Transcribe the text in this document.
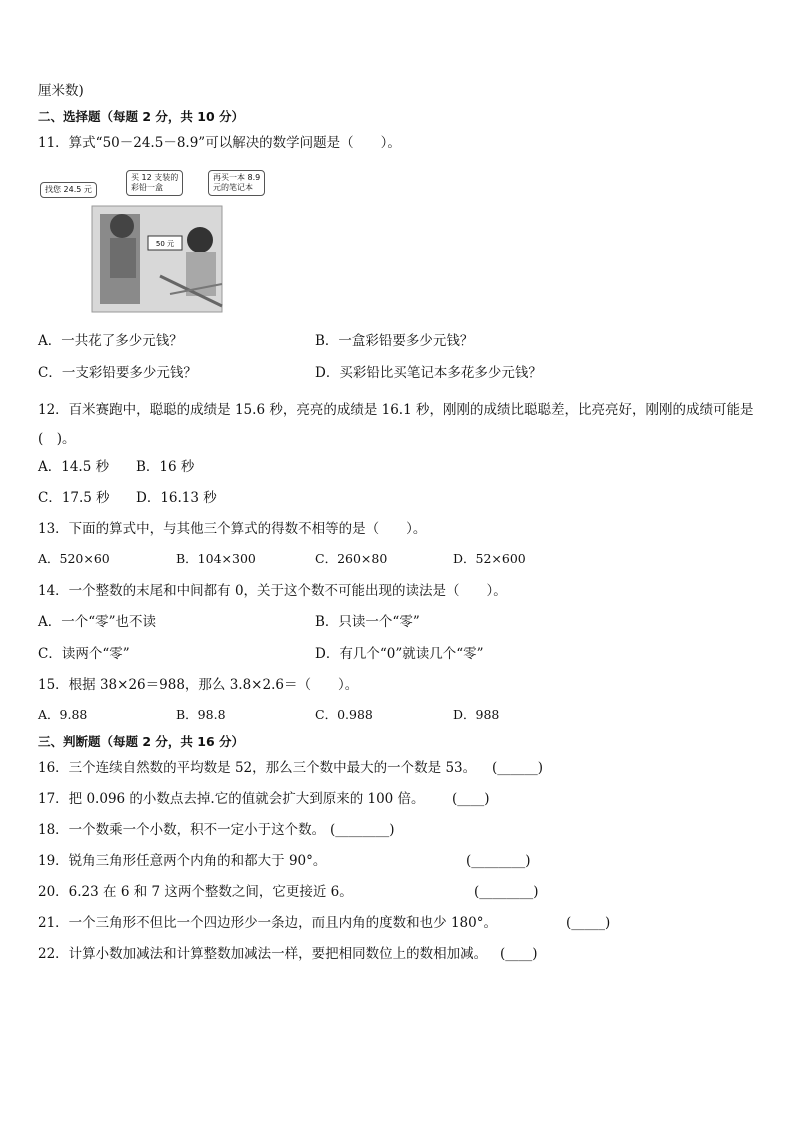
厘米数)
二、选择题（每题 2 分，共 10 分）
11．算式“50－24.5－8.9”可以解决的数学问题是（　　）。
50 元
找您 24.5 元
买 12 支装的
彩铅一盒
再买一本 8.9
元的笔记本
A．一共花了多少元钱？	B．一盒彩铅要多少元钱？
C．一支彩铅要多少元钱？	D．买彩铅比买笔记本多花多少元钱？
12．百米赛跑中，聪聪的成绩是 15.6 秒，亮亮的成绩是 16.1 秒，刚刚的成绩比聪聪差，比亮亮好，刚刚的成绩可能是(　)。
A．14.5 秒 B．16 秒
C．17.5 秒 D．16.13 秒
13．下面的算式中，与其他三个算式的得数不相等的是（　　）。
A．520×60	B．104×300	C．260×80	D．52×600
14．一个整数的末尾和中间都有 0，关于这个数不可能出现的读法是（　　）。
A．一个“零”也不读	B．只读一个“零”
C．读两个“零”	D．有几个“0”就读几个“零”
15．根据 38×26＝988，那么 3.8×2.6＝（　　）。
A．9.88	B．98.8	C．0.988	D．988
三、判断题（每题 2 分，共 16 分）
16．三个连续自然数的平均数是 52，那么三个数中最大的一个数是 53。 (______)
17．把 0.096 的小数点去掉.它的值就会扩大到原来的 100 倍。 (____)
18．一个数乘一个小数，积不一定小于这个数。 (________)
19．锐角三角形任意两个内角的和都大于 90°。	(________)
20．6.23 在 6 和 7 这两个整数之间，它更接近 6。	(________)
21．一个三角形不但比一个四边形少一条边，而且内角的度数和也少 180°。	(_____)
22．计算小数加减法和计算整数加减法一样，要把相同数位上的数相加减。 (____)
